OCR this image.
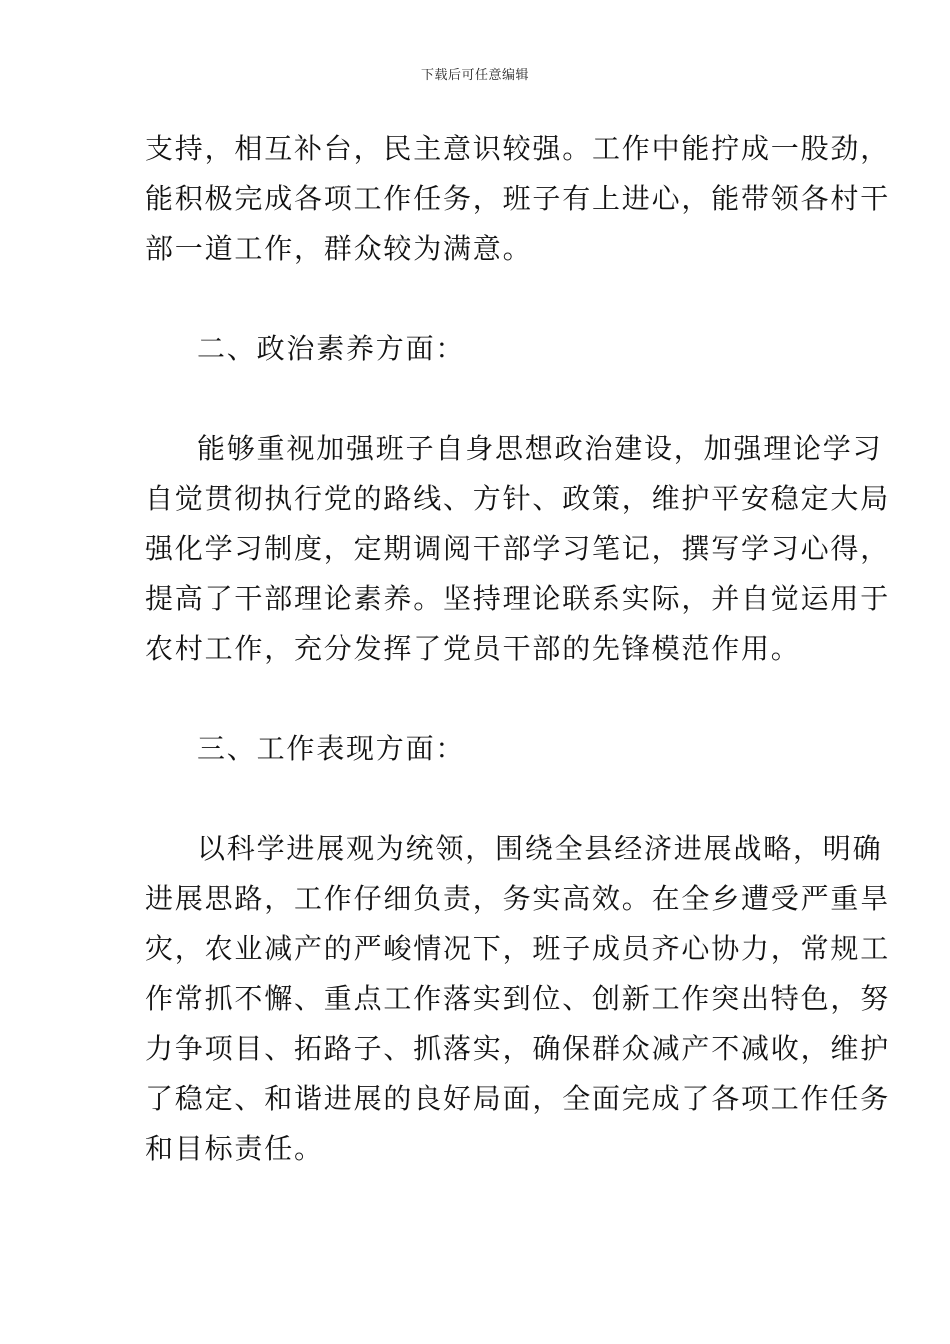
下载后可任意编辑
支持，相互补台，民主意识较强。工作中能拧成一股劲，
能积极完成各项工作任务，班子有上进心，能带领各村干
部一道工作，群众较为满意。
二、政治素养方面：
能够重视加强班子自身思想政治建设，加强理论学习
自觉贯彻执行党的路线、方针、政策，维护平安稳定大局
强化学习制度，定期调阅干部学习笔记，撰写学习心得，
提高了干部理论素养。坚持理论联系实际，并自觉运用于
农村工作，充分发挥了党员干部的先锋模范作用。
三、工作表现方面：
以科学进展观为统领，围绕全县经济进展战略，明确
进展思路，工作仔细负责，务实高效。在全乡遭受严重旱
灾，农业减产的严峻情况下，班子成员齐心协力，常规工
作常抓不懈、重点工作落实到位、创新工作突出特色，努
力争项目、拓路子、抓落实，确保群众减产不减收，维护
了稳定、和谐进展的良好局面，全面完成了各项工作任务
和目标责任。
